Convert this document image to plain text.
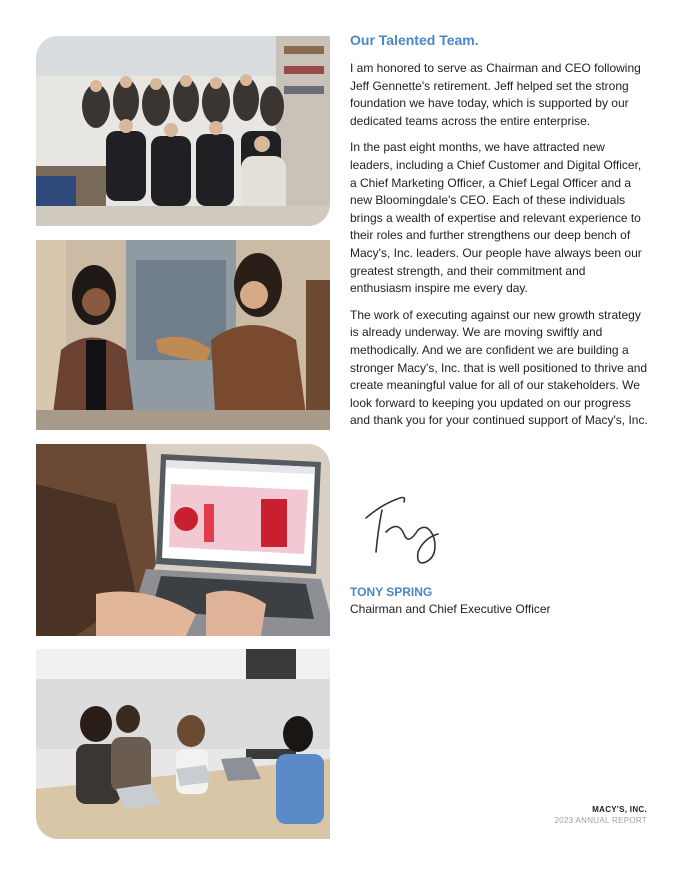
Our Talented Team.

I am honored to serve as Chairman and CEO following Jeff Gennette's retirement. Jeff helped set the strong foundation we have today, which is supported by our dedicated teams across the entire enterprise.

In the past eight months, we have attracted new leaders, including a Chief Customer and Digital Officer, a Chief Marketing Officer, a Chief Legal Officer and a new Bloomingdale's CEO. Each of these individuals brings a wealth of expertise and relevant experience to their roles and further strengthens our deep bench of Macy's, Inc. leaders. Our people have always been our greatest strength, and their commitment and enthusiasm inspire me every day.

The work of executing against our new growth strategy is already underway. We are moving swiftly and methodically. And we are confident we are building a stronger Macy's, Inc. that is well positioned to thrive and create meaningful value for all of our stakeholders. We look forward to keeping you updated on our progress and thank you for your continued support of Macy's, Inc.

TONY SPRING
Chairman and Chief Executive Officer
MACY'S, INC.
2023 ANNUAL REPORT
